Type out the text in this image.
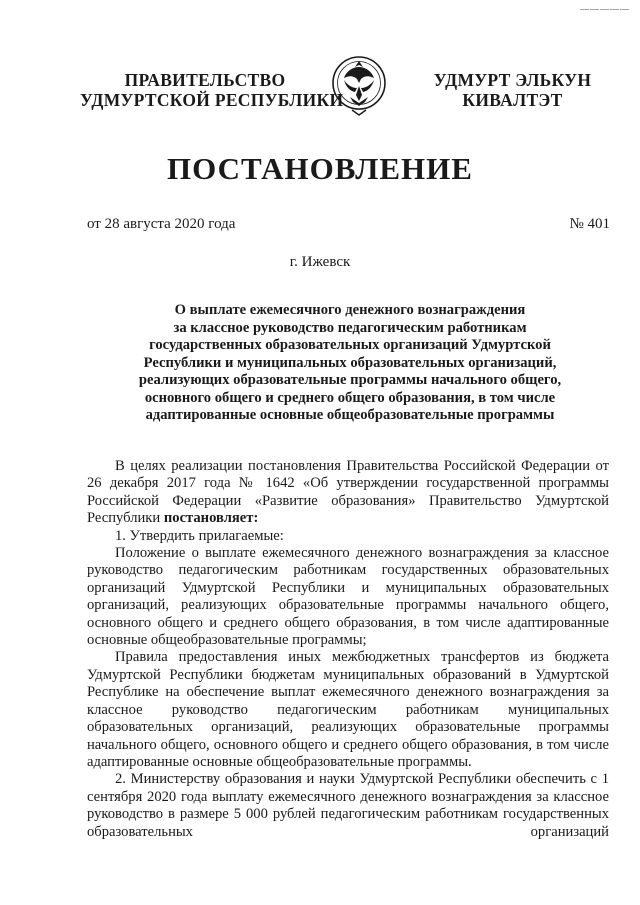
—————
ПРАВИТЕЛЬСТВО
УДМУРТСКОЙ РЕСПУБЛИКИ
УДМУРТ ЭЛЬКУН
КИВАЛТЭТ
ПОСТАНОВЛЕНИЕ
от 28 августа 2020 года	№ 401
г. Ижевск
О выплате ежемесячного денежного вознаграждения
за классное руководство педагогическим работникам
государственных образовательных организаций Удмуртской
Республики и муниципальных образовательных организаций,
реализующих образовательные программы начального общего,
основного общего и среднего общего образования, в том числе
адаптированные основные общеобразовательные программы

В целях реализации постановления Правительства Российской Федерации от 26 декабря 2017 года № 1642 «Об утверждении государственной программы Российской Федерации «Развитие образования» Правительство Удмуртской Республики постановляет:

1. Утвердить прилагаемые:

Положение о выплате ежемесячного денежного вознаграждения за классное руководство педагогическим работникам государственных образовательных организаций Удмуртской Республики и муниципальных образовательных организаций, реализующих образовательные программы начального общего, основного общего и среднего общего образования, в том числе адаптированные основные общеобразовательные программы;

Правила предоставления иных межбюджетных трансфертов из бюджета Удмуртской Республики бюджетам муниципальных образований в Удмуртской Республике на обеспечение выплат ежемесячного денежного вознаграждения за классное руководство педагогическим работникам муниципальных образовательных организаций, реализующих образовательные программы начального общего, основного общего и среднего общего образования, в том числе адаптированные основные общеобразовательные программы.

2. Министерству образования и науки Удмуртской Республики обеспечить с 1 сентября 2020 года выплату ежемесячного денежного вознаграждения за классное руководство в размере 5 000 рублей педагогическим работникам государственных образовательных организаций
